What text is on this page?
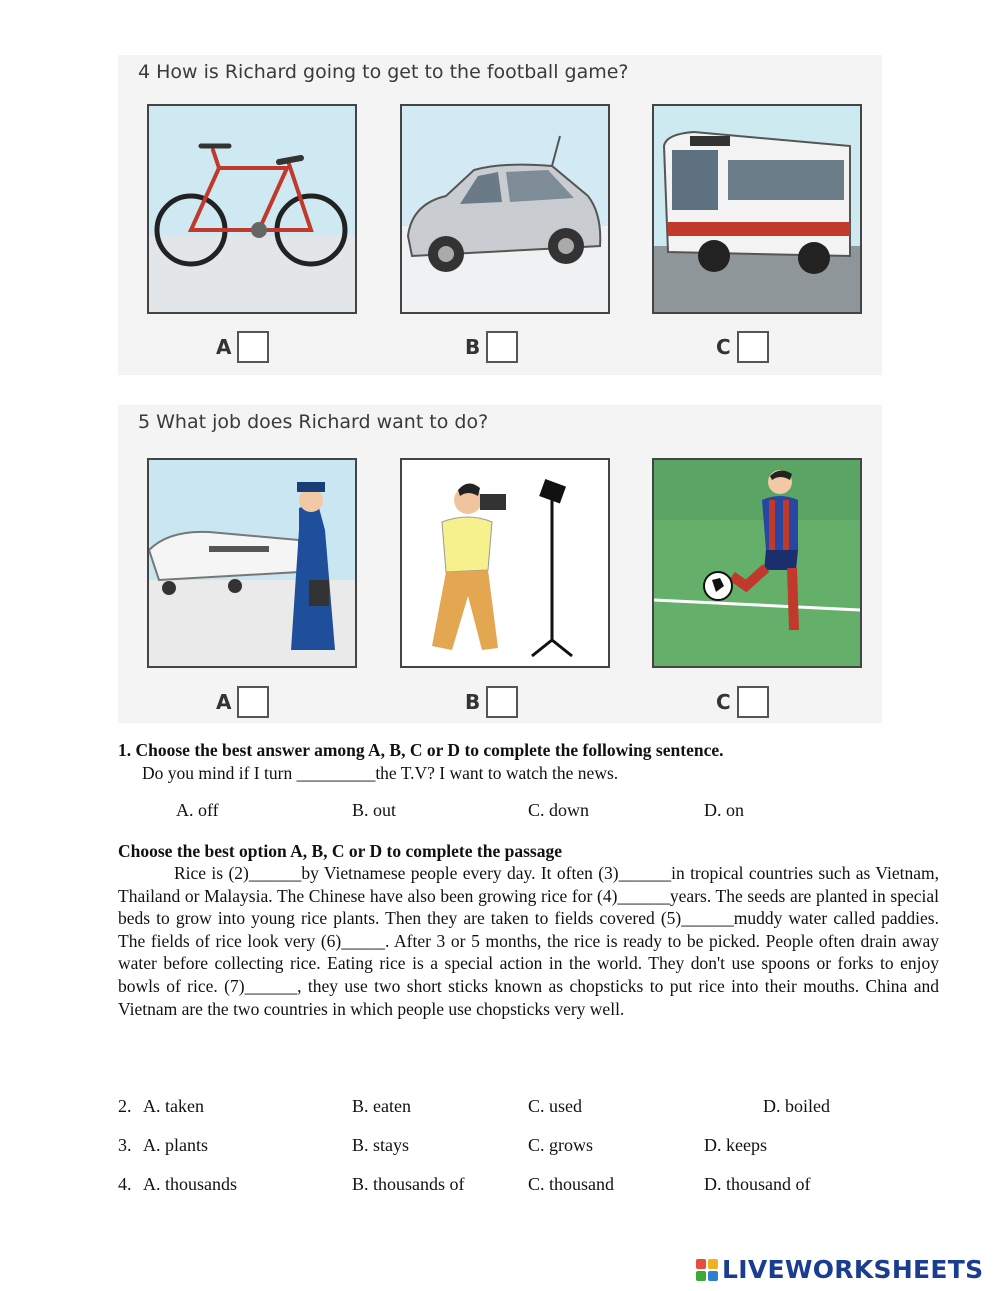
4 How is Richard going to get to the football game?
A	B	C
5 What job does Richard want to do?
A	B	C
1. Choose the best answer among A, B, C or D to complete the following sentence.
Do you mind if I turn _________the T.V? I want to watch the news.
A. off	B. out	C. down	D. on
Choose the best option A, B, C or D to complete the passage
Rice is (2)______by Vietnamese people every day. It often (3)______in tropical countries such as Vietnam, Thailand or Malaysia. The Chinese have also been growing rice for (4)______years. The seeds are planted in special beds to grow into young rice plants. Then they are taken to fields covered (5)______muddy water called paddies. The fields of rice look very (6)_____. After 3 or 5 months, the rice is ready to be picked. People often drain away water before collecting rice. Eating rice is a special action in the world. They don't use spoons or forks to enjoy bowls of rice. (7)______, they use two short sticks known as chopsticks to put rice into their mouths. China and Vietnam are the two countries in which people use chopsticks very well.
2. A. taken	B. eaten	C. used	D. boiled
3. A. plants	B. stays	C. grows	D. keeps
4. A. thousands	B. thousands of	C. thousand	D. thousand of
LIVEWORKSHEETS
